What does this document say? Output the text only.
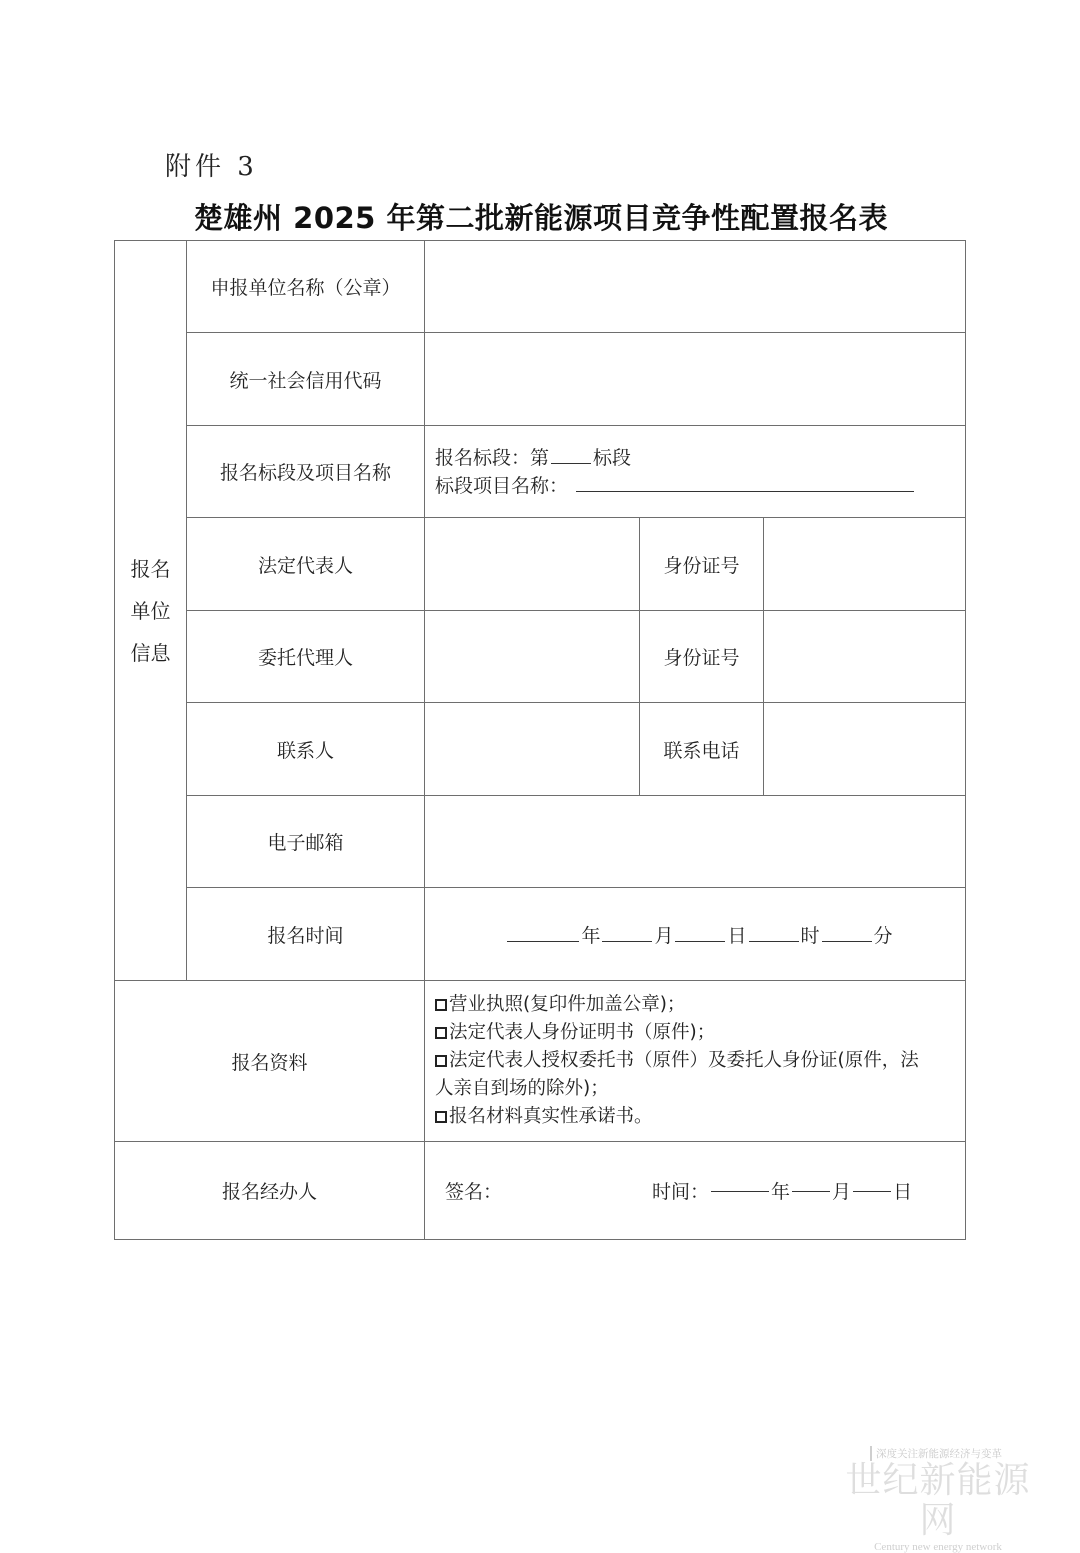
附件 3
楚雄州 2025 年第二批新能源项目竞争性配置报名表
报名
单位
信息
申报单位名称（公章）
统一社会信用代码
报名标段及项目名称
报名标段：第 标段
标段项目名称：
法定代表人	身份证号
委托代理人	身份证号
联系人	联系电话
电子邮箱
报名时间	年	月	日	时	分
报名资料
营业执照(复印件加盖公章)；
法定代表人身份证明书（原件)；
法定代表人授权委托书（原件）及委托人身份证(原件，法
人亲自到场的除外)；
报名材料真实性承诺书。
报名经办人	签名：	时间：	年 月 日
深度关注新能源经济与变革
世纪新能源网
Century new energy network
